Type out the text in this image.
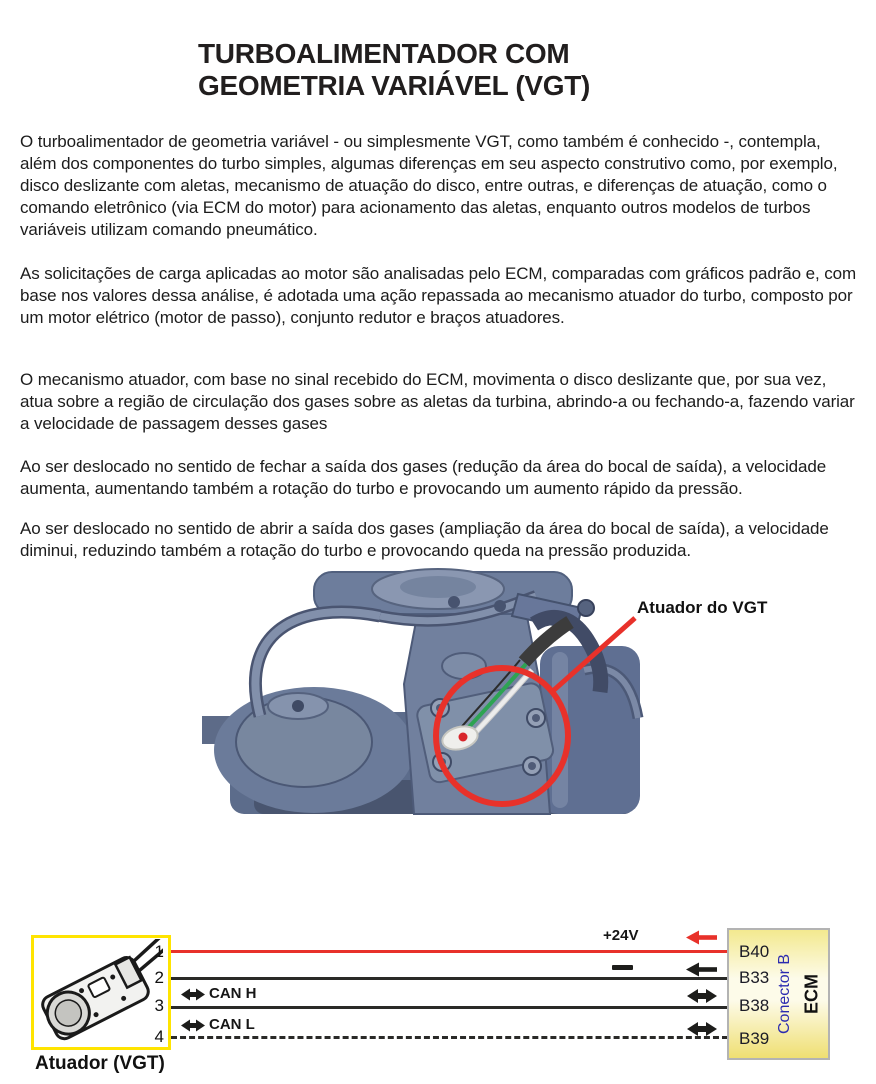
TURBOALIMENTADOR COM
GEOMETRIA VARIÁVEL (VGT)

O turboalimentador de geometria variável - ou simplesmente VGT, como também é conhecido -, contempla, além dos componentes do turbo simples, algumas diferenças em seu aspecto construtivo como, por exemplo, disco deslizante com aletas, mecanismo de atuação do disco, entre outras, e diferenças de atuação, como o comando eletrônico (via ECM do motor) para acionamento das aletas, enquanto outros modelos de turbos variáveis utilizam comando pneumático.

As solicitações de carga aplicadas ao motor são analisadas pelo ECM, comparadas com gráficos padrão e, com base nos valores dessa análise, é adotada uma ação repassada ao mecanismo atuador do turbo, composto por um motor elétrico (motor de passo), conjunto redutor e braços atuadores.

O mecanismo atuador, com base no sinal recebido do ECM, movimenta o disco deslizante que, por sua vez, atua sobre a região de circulação dos gases sobre as aletas da turbina, abrindo-a ou fechando-a, fazendo variar a velocidade de passagem desses gases

Ao ser deslocado no sentido de fechar a saída dos gases (redução da área do bocal de saída), a velocidade aumenta, aumentando também a rotação do turbo e provocando um aumento rápido da pressão.

Ao ser deslocado no sentido de abrir a saída dos gases (ampliação da área do bocal de saída), a velocidade diminui, reduzindo também a rotação do turbo e provocando queda na pressão produzida.

Atuador do VGT
1
2
3
4
Atuador (VGT)
+24V
CAN H
CAN L
B40
B33
B38
B39
Conector B ECM
